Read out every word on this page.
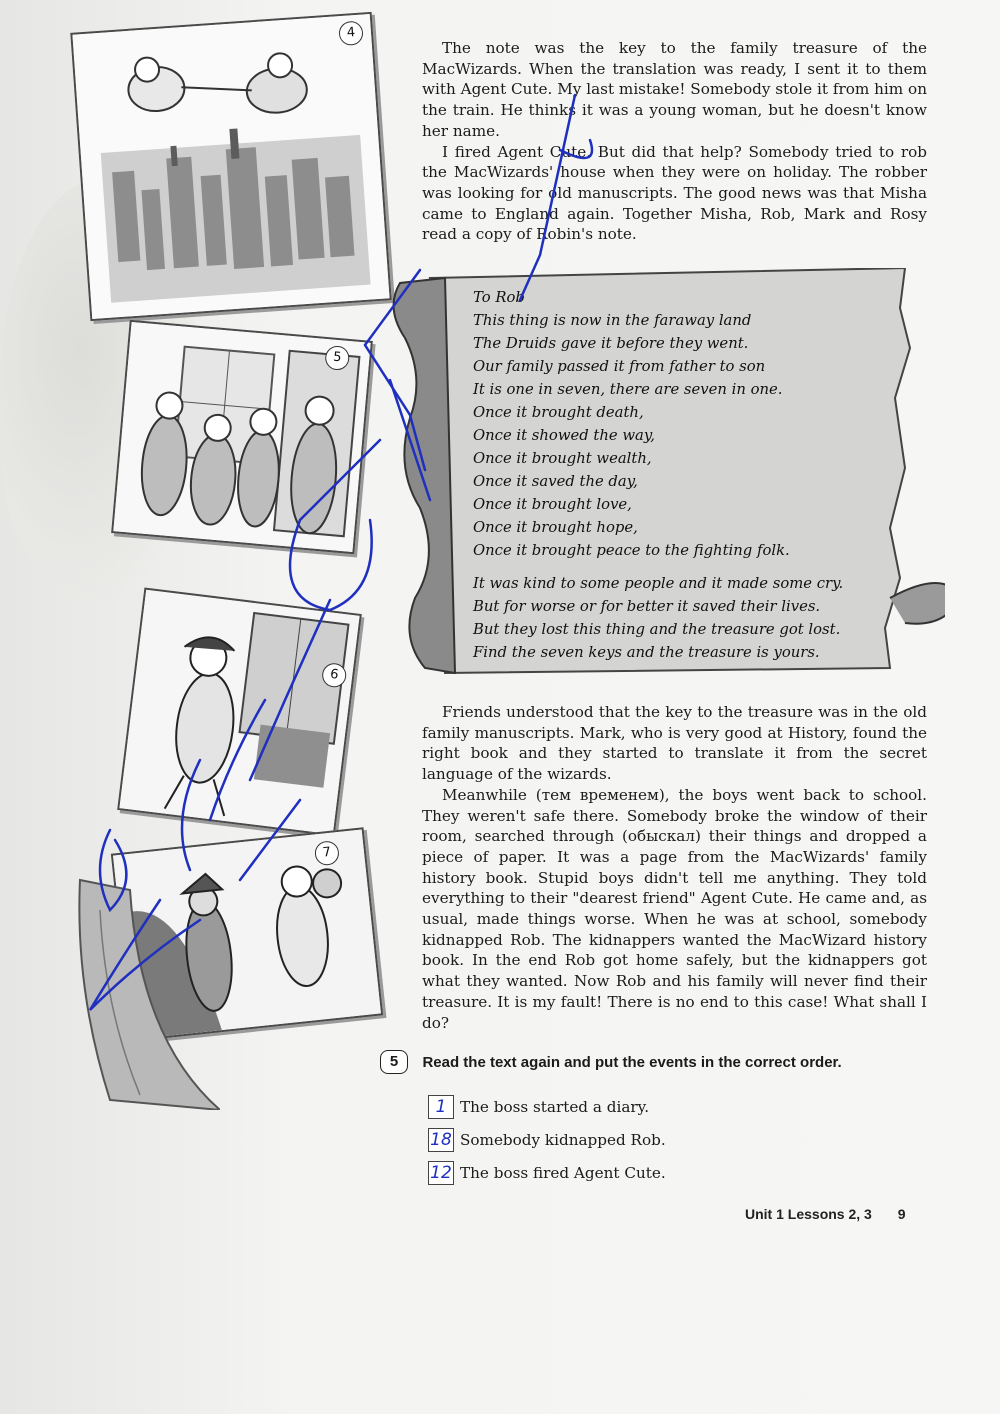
4
5
6
7

The note was the key to the family treasure of the MacWizards. When the translation was ready, I sent it to them with Agent Cute. My last mistake! Somebody stole it from him on the train. He thinks it was a young woman, but he doesn't know her name.

I fired Agent Cute. But did that help? Somebody tried to rob the MacWizards' house when they were on holiday. The robber was looking for old manuscripts. The good news was that Misha came to England again. Together Misha, Rob, Mark and Rosy read a copy of Robin's note.

To Rob
This thing is now in the faraway land
The Druids gave it before they went.
Our family passed it from father to son
It is one in seven, there are seven in one.
Once it brought death,
Once it showed the way,
Once it brought wealth,
Once it saved the day,
Once it brought love,
Once it brought hope,
Once it brought peace to the fighting folk.
It was kind to some people and it made some cry.
But for worse or for better it saved their lives.
But they lost this thing and the treasure got lost.
Find the seven keys and the treasure is yours.

Friends understood that the key to the treasure was in the old family manuscripts. Mark, who is very good at History, found the right book and they started to translate it from the secret language of the wizards.

Meanwhile (тем временем), the boys went back to school. They weren't safe there. Somebody broke the window of their room, searched through (обыскал) their things and dropped a piece of paper. It was a page from the MacWizards' family history book. Stupid boys didn't tell me anything. They told everything to their "dearest friend" Agent Cute. He came and, as usual, made things worse. When he was at school, somebody kidnapped Rob. The kidnappers wanted the MacWizard history book. In the end Rob got home safely, but the kidnappers got what they wanted. Now Rob and his family will never find their treasure. It is my fault! There is no end to this case! What shall I do?

5 Read the text again and put the events in the correct order.
1 The boss started a diary.
18 Somebody kidnapped Rob.
12 The boss fired Agent Cute.
Unit 1 Lessons 2, 3 9
